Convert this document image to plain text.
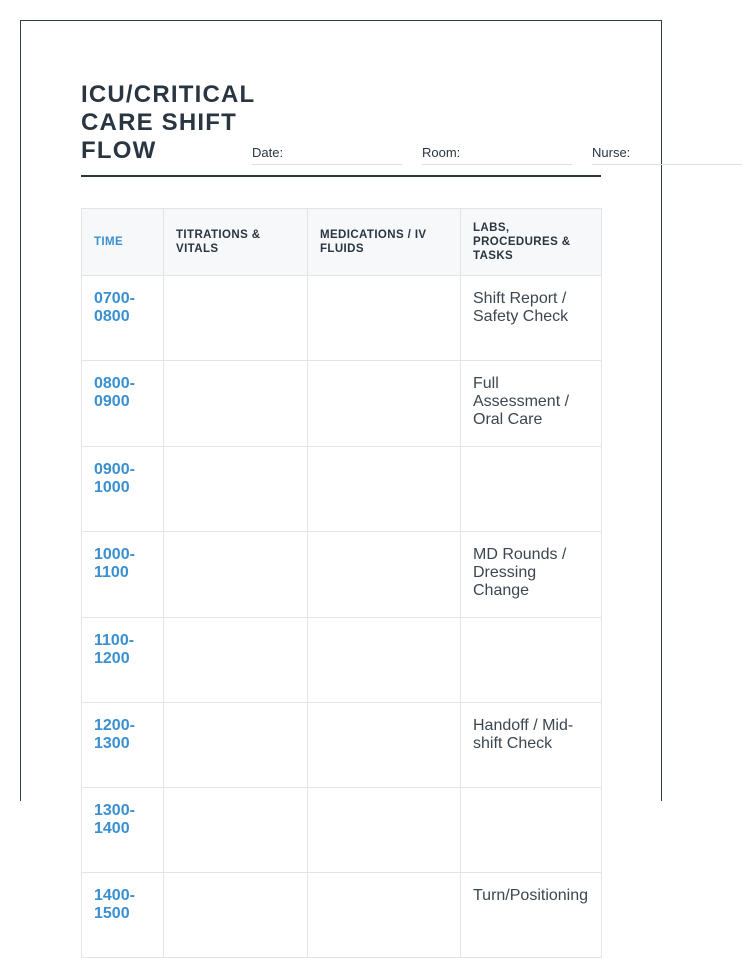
ICU/CRITICAL CARE SHIFT FLOW	Date:	Room:	Nurse:
TIME	TITRATIONS & VITALS	MEDICATIONS / IV FLUIDS	LABS, PROCEDURES & TASKS
0700-0800			Shift Report / Safety Check
0800-0900			Full Assessment / Oral Care
0900-1000			
1000-1100			MD Rounds / Dressing Change
1100-1200			
1200-1300			Handoff / Mid-shift Check
1300-1400			
1400-1500			Turn/Positioning
